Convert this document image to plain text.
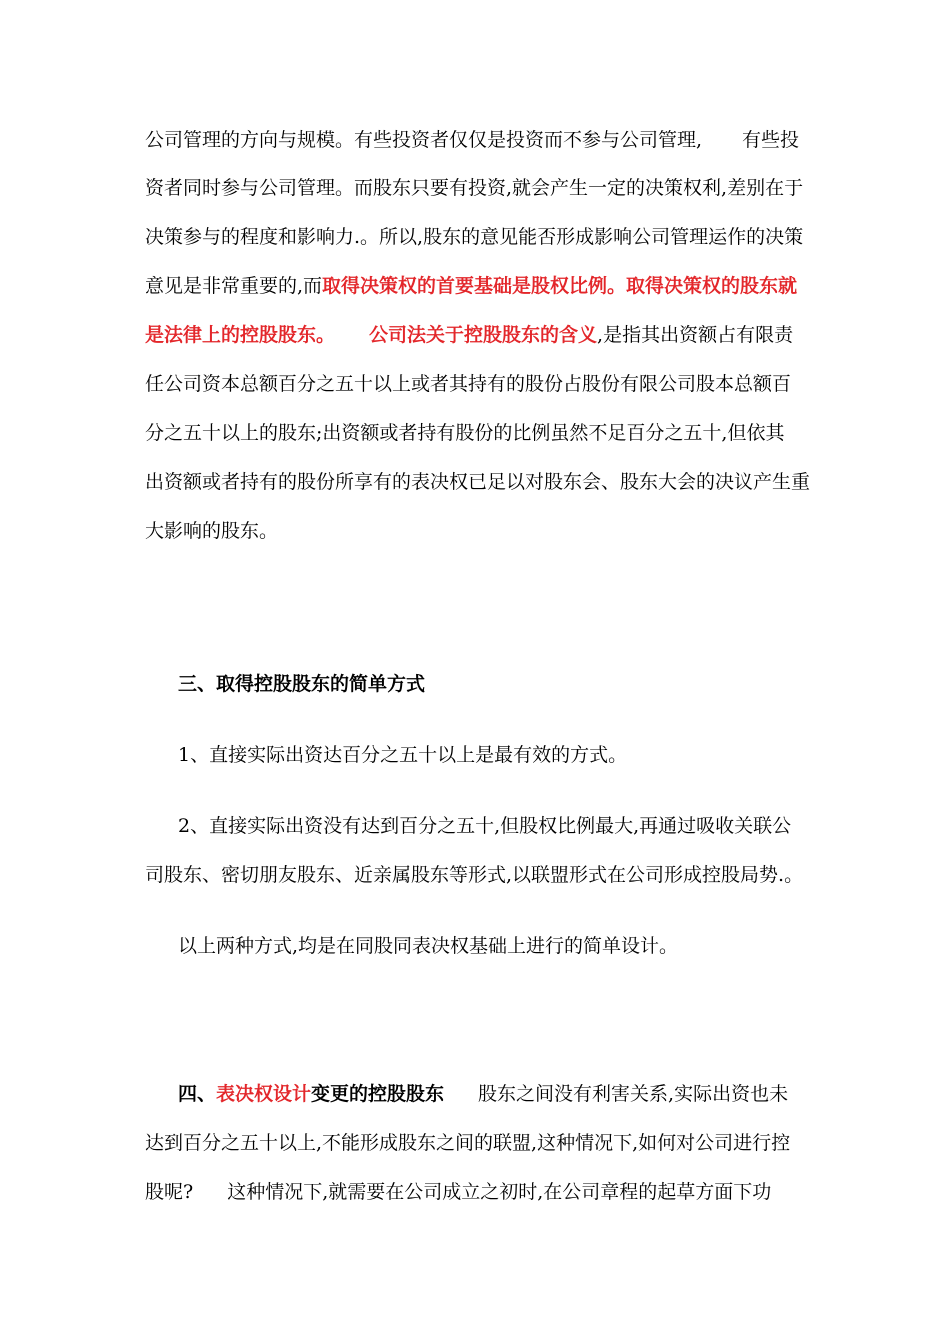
公司管理的方向与规模。有些投资者仅仅是投资而不参与公司管理, 有些投
资者同时参与公司管理。而股东只要有投资,就会产生一定的决策权利,差别在于
决策参与的程度和影响力.。所以,股东的意见能否形成影响公司管理运作的决策
意见是非常重要的,而取得决策权的首要基础是股权比例。取得决策权的股东就
是法律上的控股股东。 公司法关于控股股东的含义,是指其出资额占有限责
任公司资本总额百分之五十以上或者其持有的股份占股份有限公司股本总额百
分之五十以上的股东;出资额或者持有股份的比例虽然不足百分之五十,但依其
出资额或者持有的股份所享有的表决权已足以对股东会、股东大会的决议产生重
大影响的股东。
三、取得控股股东的简单方式
1、直接实际出资达百分之五十以上是最有效的方式。
2、直接实际出资没有达到百分之五十,但股权比例最大,再通过吸收关联公
司股东、密切朋友股东、近亲属股东等形式,以联盟形式在公司形成控股局势.。
以上两种方式,均是在同股同表决权基础上进行的简单设计。
四、表决权设计变更的控股股东 股东之间没有利害关系,实际出资也未
达到百分之五十以上,不能形成股东之间的联盟,这种情况下,如何对公司进行控
股呢? 这种情况下,就需要在公司成立之初时,在公司章程的起草方面下功
